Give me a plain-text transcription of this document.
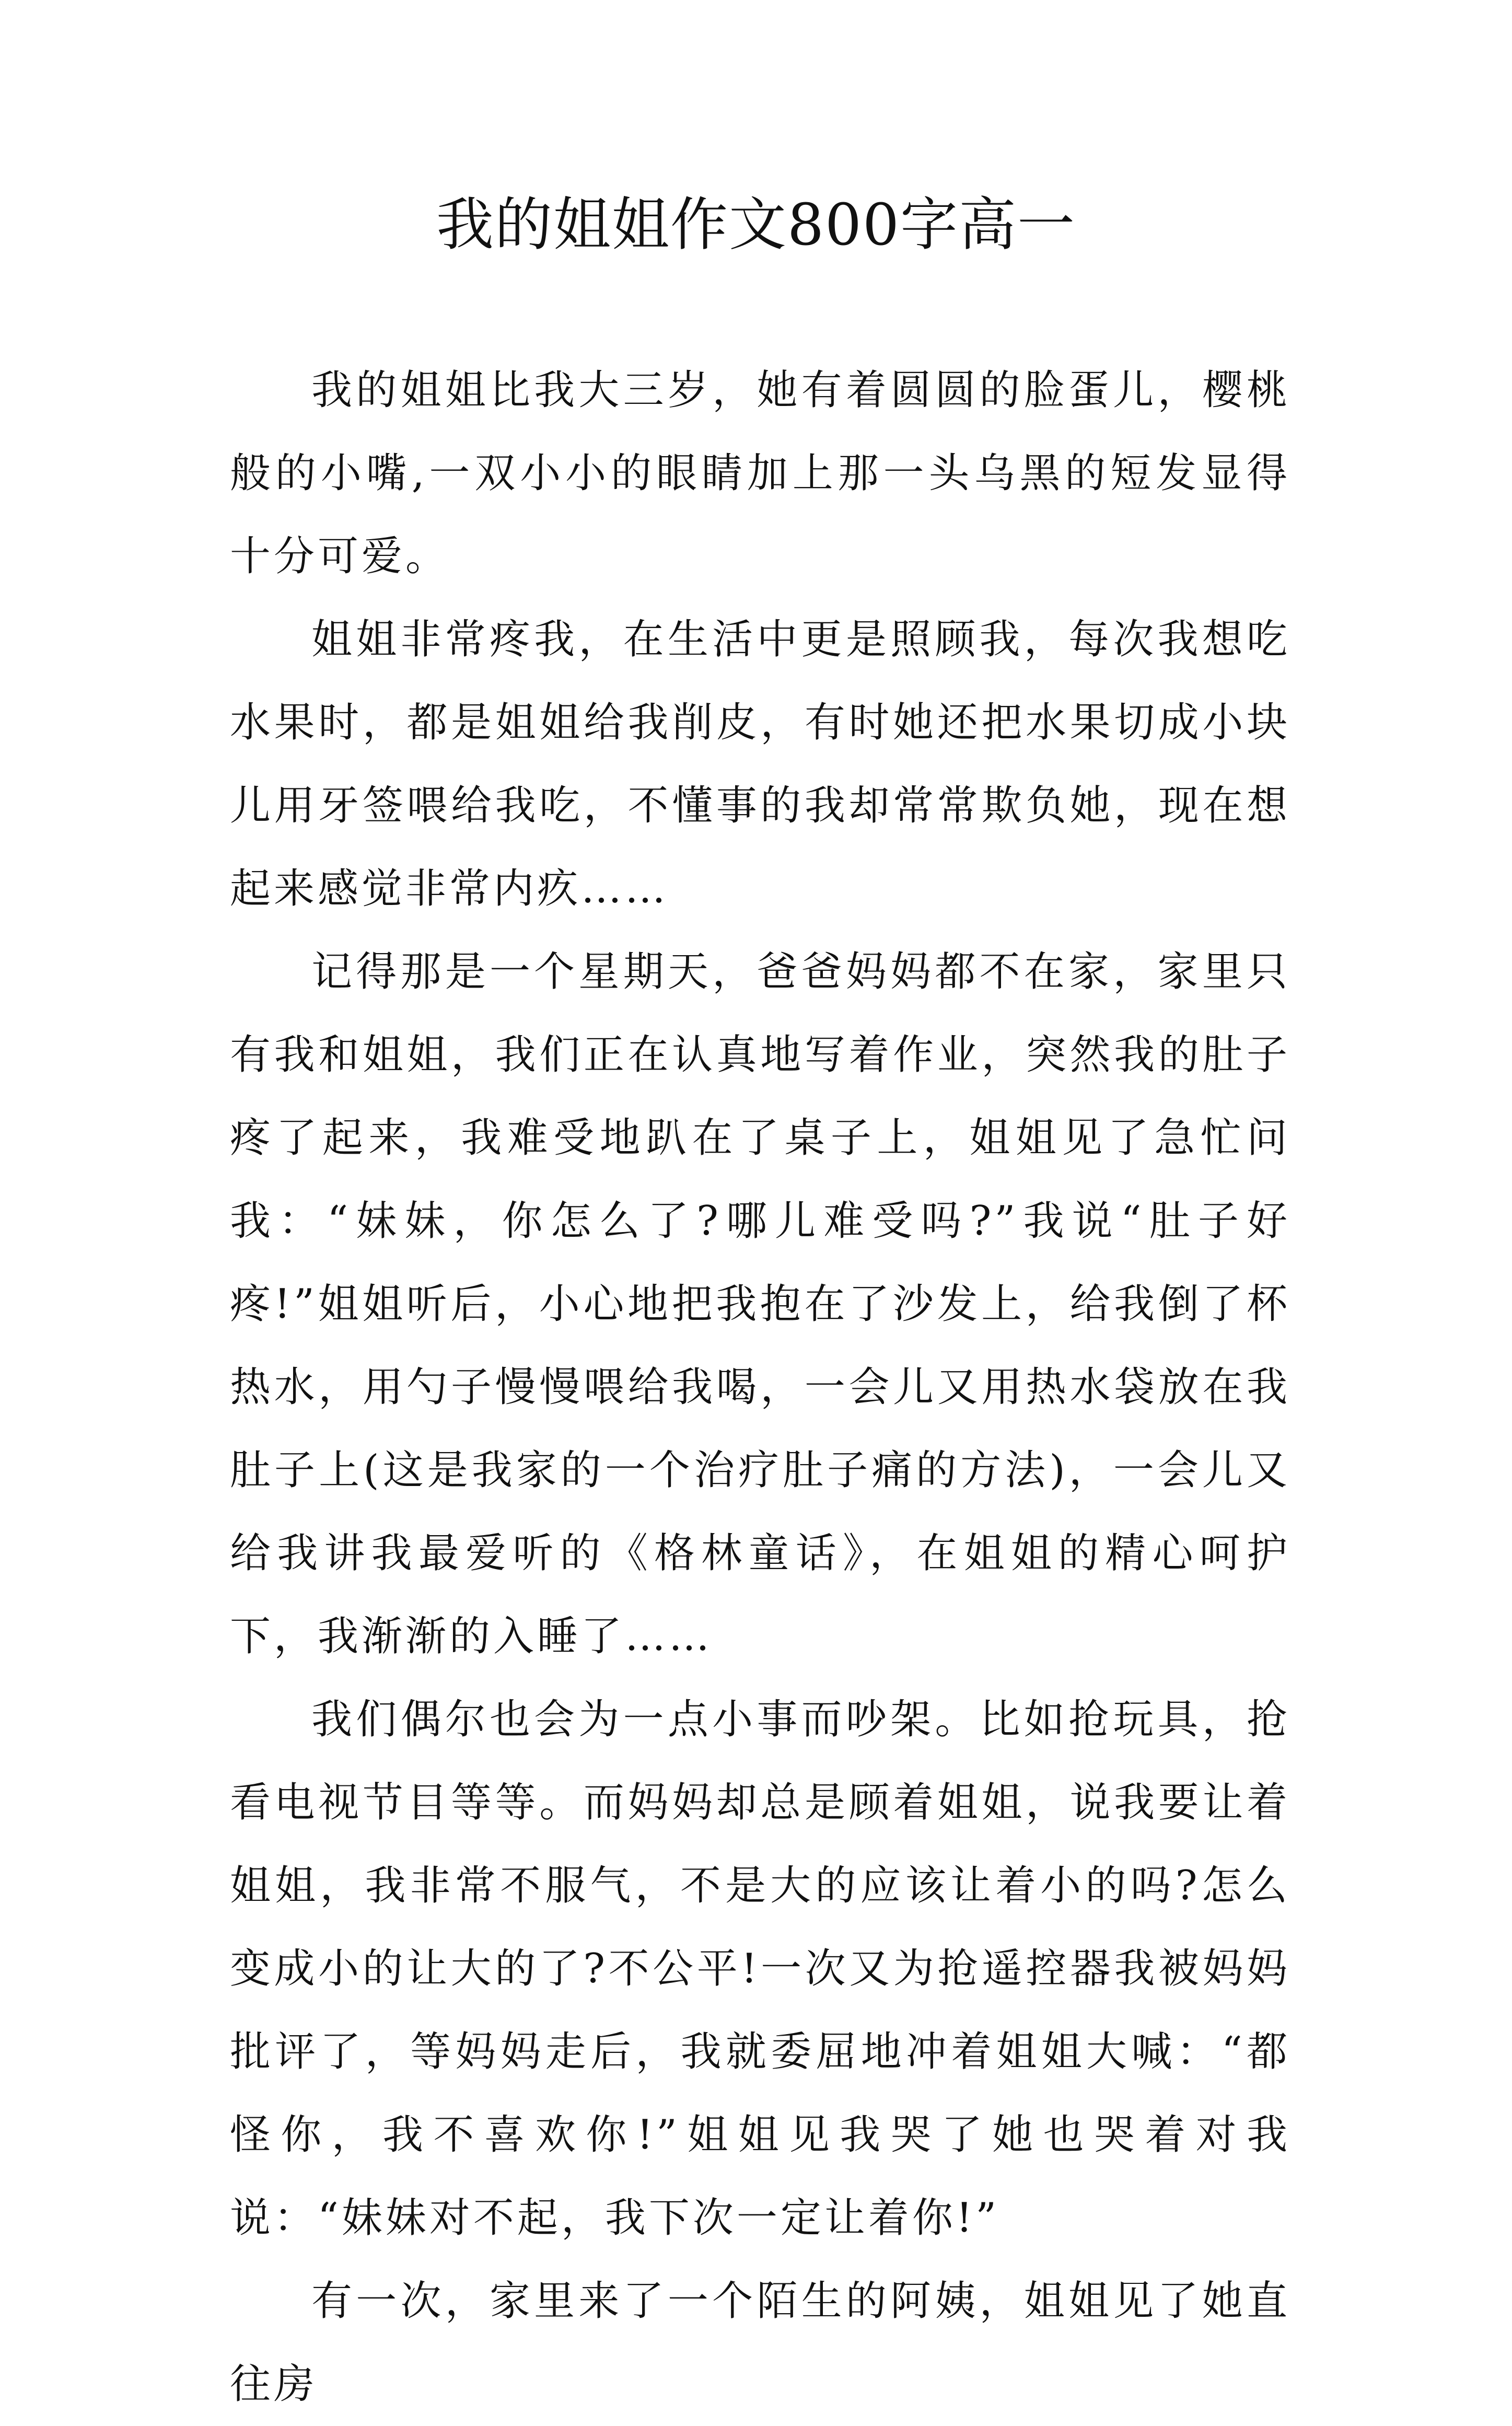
我的姐姐作文800字高一

我的姐姐比我大三岁，她有着圆圆的脸蛋儿，樱桃般的小嘴,一双小小的眼睛加上那一头乌黑的短发显得十分可爱。

姐姐非常疼我，在生活中更是照顾我，每次我想吃水果时，都是姐姐给我削皮，有时她还把水果切成小块儿用牙签喂给我吃，不懂事的我却常常欺负她，现在想起来感觉非常内疚……

记得那是一个星期天，爸爸妈妈都不在家，家里只有我和姐姐，我们正在认真地写着作业，突然我的肚子疼了起来，我难受地趴在了桌子上，姐姐见了急忙问我：“妹妹，你怎么了?哪儿难受吗?”我说“肚子好疼!”姐姐听后，小心地把我抱在了沙发上，给我倒了杯热水，用勺子慢慢喂给我喝，一会儿又用热水袋放在我肚子上(这是我家的一个治疗肚子痛的方法)，一会儿又给我讲我最爱听的《格林童话》，在姐姐的精心呵护下，我渐渐的入睡了……

我们偶尔也会为一点小事而吵架。比如抢玩具，抢看电视节目等等。而妈妈却总是顾着姐姐，说我要让着姐姐，我非常不服气，不是大的应该让着小的吗?怎么变成小的让大的了?不公平!一次又为抢遥控器我被妈妈批评了，等妈妈走后，我就委屈地冲着姐姐大喊：“都怪你，我不喜欢你!”姐姐见我哭了她也哭着对我说：“妹妹对不起，我下次一定让着你!”

有一次，家里来了一个陌生的阿姨，姐姐见了她直往房
